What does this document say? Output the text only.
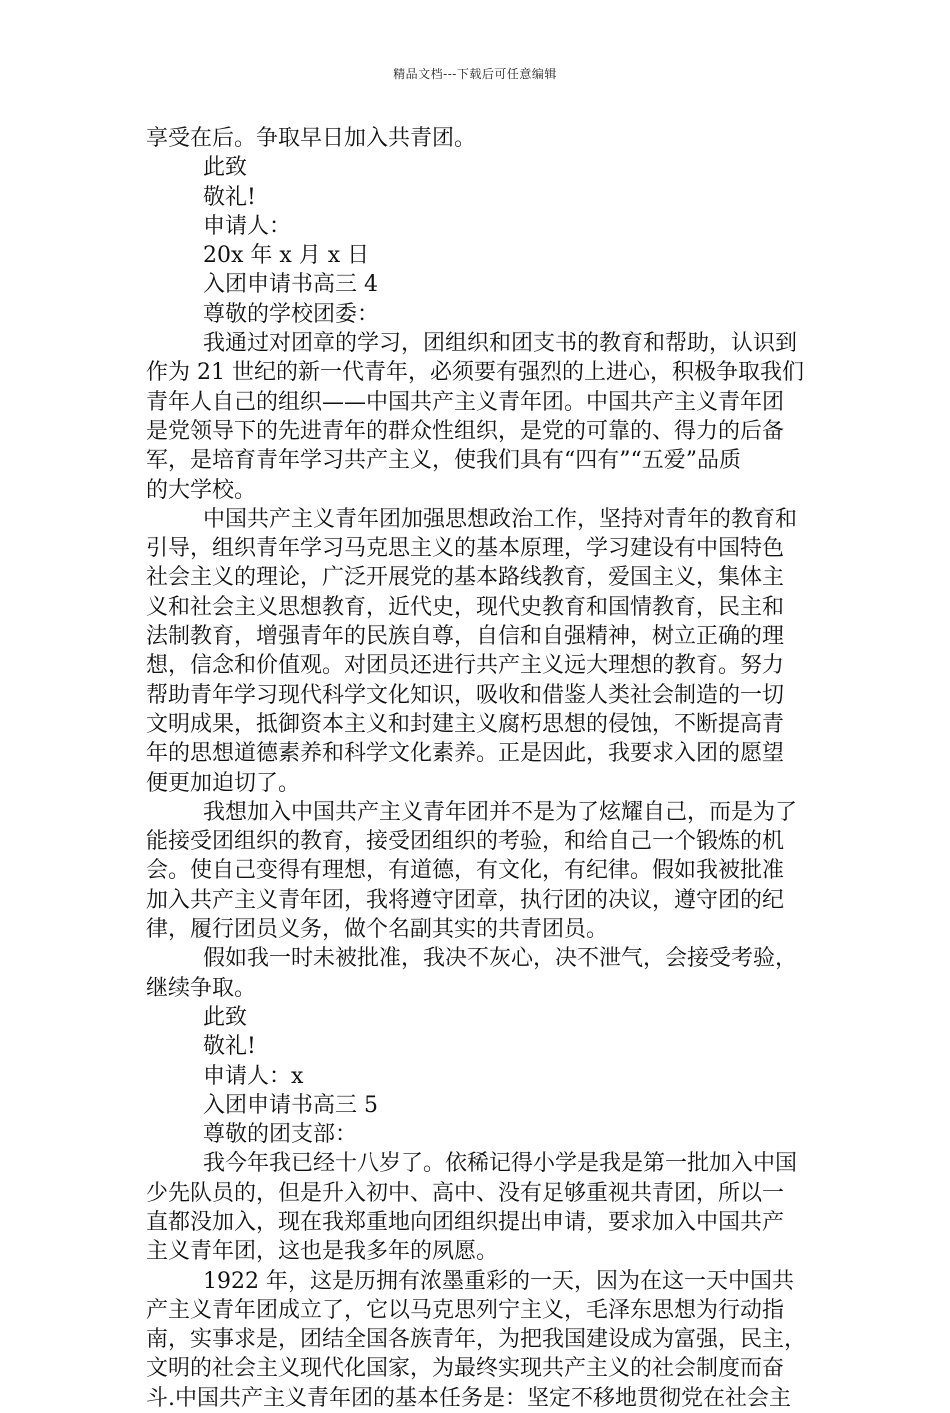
精品文档---下载后可任意编辑
享受在后。争取早日加入共青团。
此致
敬礼!
申请人：
20x 年 x 月 x 日
入团申请书高三 4
尊敬的学校团委：
我通过对团章的学习，团组织和团支书的教育和帮助，认识到
作为 21 世纪的新一代青年，必须要有强烈的上进心，积极争取我们
青年人自己的组织——中国共产主义青年团。中国共产主义青年团
是党领导下的先进青年的群众性组织，是党的可靠的、得力的后备
军，是培育青年学习共产主义，使我们具有“四有”“五爱”品质
的大学校。
中国共产主义青年团加强思想政治工作，坚持对青年的教育和
引导，组织青年学习马克思主义的基本原理，学习建设有中国特色
社会主义的理论，广泛开展党的基本路线教育，爱国主义，集体主
义和社会主义思想教育，近代史，现代史教育和国情教育，民主和
法制教育，增强青年的民族自尊，自信和自强精神，树立正确的理
想，信念和价值观。对团员还进行共产主义远大理想的教育。努力
帮助青年学习现代科学文化知识，吸收和借鉴人类社会制造的一切
文明成果，抵御资本主义和封建主义腐朽思想的侵蚀，不断提高青
年的思想道德素养和科学文化素养。正是因此，我要求入团的愿望
便更加迫切了。
我想加入中国共产主义青年团并不是为了炫耀自己，而是为了
能接受团组织的教育，接受团组织的考验，和给自己一个锻炼的机
会。使自己变得有理想，有道德，有文化，有纪律。假如我被批准
加入共产主义青年团，我将遵守团章，执行团的决议，遵守团的纪
律，履行团员义务，做个名副其实的共青团员。
假如我一时未被批准，我决不灰心，决不泄气，会接受考验，
继续争取。
此致
敬礼!
申请人：x
入团申请书高三 5
尊敬的团支部：
我今年我已经十八岁了。依稀记得小学是我是第一批加入中国
少先队员的，但是升入初中、高中、没有足够重视共青团，所以一
直都没加入，现在我郑重地向团组织提出申请，要求加入中国共产
主义青年团，这也是我多年的夙愿。
1922 年，这是历拥有浓墨重彩的一天，因为在这一天中国共
产主义青年团成立了，它以马克思列宁主义，毛泽东思想为行动指
南，实事求是，团结全国各族青年，为把我国建设成为富强，民主，
文明的社会主义现代化国家，为最终实现共产主义的社会制度而奋
斗.中国共产主义青年团的基本任务是：坚定不移地贯彻党在社会主
